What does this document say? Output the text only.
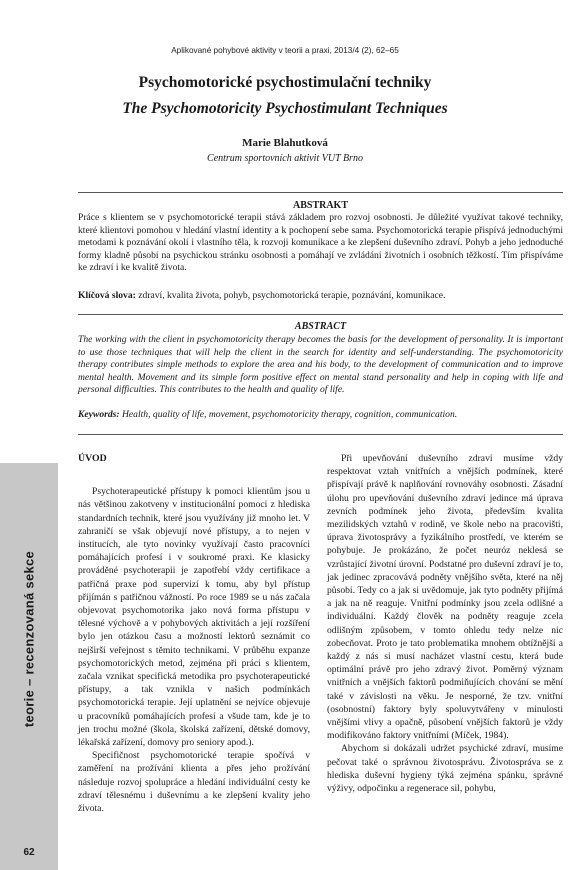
Aplikované pohybové aktivity v teorii a praxi, 2013/4 (2), 62–65
Psychomotorické psychostimulační techniky
The Psychomotoricity Psychostimulant Techniques
Marie Blahutková
Centrum sportovních aktivit VUT Brno
ABSTRAKT
Práce s klientem se v psychomotorické terapii stává základem pro rozvoj osobnosti. Je důležité využívat takové techniky, které klientovi pomohou v hledání vlastní identity a k pochopení sebe sama. Psychomotorická terapie přispívá jednoduchými metodami k poznávání okolí i vlastního těla, k rozvoji komunikace a ke zlepšení duševního zdraví. Pohyb a jeho jednoduché formy kladně působí na psychickou stránku osobnosti a pomáhají ve zvládání životních i osobních těžkostí. Tím přispíváme ke zdraví i ke kvalitě života.
Klíčová slova: zdraví, kvalita života, pohyb, psychomotorická terapie, poznávání, komunikace.
ABSTRACT
The working with the client in psychomotoricity therapy becomes the basis for the development of personality. It is important to use those techniques that will help the client in the search for identity and self-understanding. The psychomotoricity therapy contributes simple methods to explore the area and his body, to the development of communication and to improve mental health. Movement and its simple form positive effect on mental stand personality and help in coping with life and personal difficulties. This contributes to the health and quality of life.
Keywords: Health, quality of life, movement, psychomotoricity therapy, cognition, communication.
teorie – recenzovaná sekce
62
ÚVOD

Psychoterapeutické přístupy k pomoci klientům jsou u nás většinou zakotveny v institucionální pomoci z hlediska standardních technik, které jsou využívány již mnoho let. V zahraničí se však objevují nové přístupy, a to nejen v institucích, ale tyto novinky využívají často pracovníci pomáhajících profesí i v soukromé praxi. Ke klasicky prováděné psychoterapii je zapotřebí vždy certifikace a patřičná praxe pod supervizí k tomu, aby byl přístup přijímán s patřičnou vážností. Po roce 1989 se u nás začala objevovat psychomotorika jako nová forma přístupu v tělesné výchově a v pohybových aktivitách a její rozšíření bylo jen otázkou času a možností lektorů seznámit co nejširší veřejnost s těmito technikami. V průběhu expanze psychomotorických metod, zejména při práci s klientem, začala vznikat specifická metodika pro psychoterapeutické přístupy, a tak vznikla v našich podmínkách psychomotorická terapie. Její uplatnění se nejvíce objevuje u pracovníků pomáhajících profesí a všude tam, kde je to jen trochu možné (škola, školská zařízení, dětské domovy, lékařská zařízení, domovy pro seniory apod.).

Specifičnost psychomotorické terapie spočívá v zaměření na prožívání klienta a přes jeho prožívání následuje rozvoj spolupráce a hledání individuální cesty ke zdraví tělesnému i duševnímu a ke zlepšení kvality jeho života.

Při upevňování duševního zdraví musíme vždy respektovat vztah vnitřních a vnějších podmínek, které přispívají právě k naplňování rovnováhy osobnosti. Zásadní úlohu pro upevňování duševního zdraví jedince má úprava zevních podmínek jeho života, především kvalita mezilidských vztahů v rodině, ve škole nebo na pracovišti, úprava životosprávy a fyzikálního prostředí, ve kterém se pohybuje. Je prokázáno, že počet neuróz neklesá se vzrůstající životní úrovní. Podstatné pro duševní zdraví je to, jak jedinec zpracovává podněty vnějšího světa, které na něj působí. Tedy co a jak si uvědomuje, jak tyto podněty přijímá a jak na ně reaguje. Vnitřní podmínky jsou zcela odlišné a individuální. Každý člověk na podněty reaguje zcela odlišným způsobem, v tomto ohledu tedy nelze nic zobecňovat. Proto je tato problematika mnohem obtížnější a každý z nás si musí nacházet vlastní cestu, která bude optimální právě pro jeho zdravý život. Poměrný význam vnitřních a vnějších faktorů podmiňujících chování se mění také v závislosti na věku. Je nesporné, že tzv. vnitřní (osobnostní) faktory byly spoluvytvářeny v minulosti vnějšími vlivy a opačně, působení vnějších faktorů je vždy modifikováno faktory vnitřními (Míček, 1984).

Abychom si dokázali udržet psychické zdraví, musíme pečovat také o správnou životosprávu. Životospráva se z hlediska duševní hygieny týká zejména spánku, správné výživy, odpočinku a regenerace sil, pohybu,
